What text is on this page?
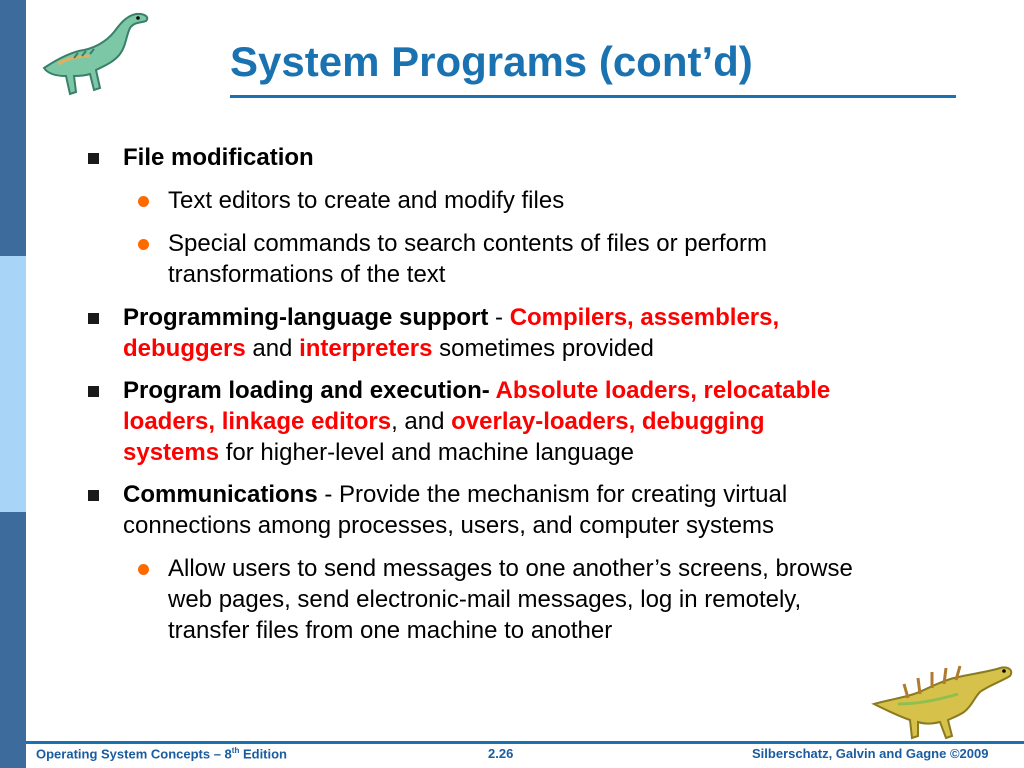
System Programs (cont’d)
File modification
Text editors to create and modify files
Special commands to search contents of files or perform
transformations of the text
Programming-language support - Compilers, assemblers,
debuggers and interpreters sometimes provided
Program loading and execution- Absolute loaders, relocatable
loaders, linkage editors, and overlay-loaders, debugging
systems for higher-level and machine language
Communications - Provide the mechanism for creating virtual
connections among processes, users, and computer systems
Allow users to send messages to one another’s screens, browse
web pages, send electronic-mail messages, log in remotely,
transfer files from one machine to another
Operating System Concepts – 8th Edition	2.26	Silberschatz, Galvin and Gagne ©2009
